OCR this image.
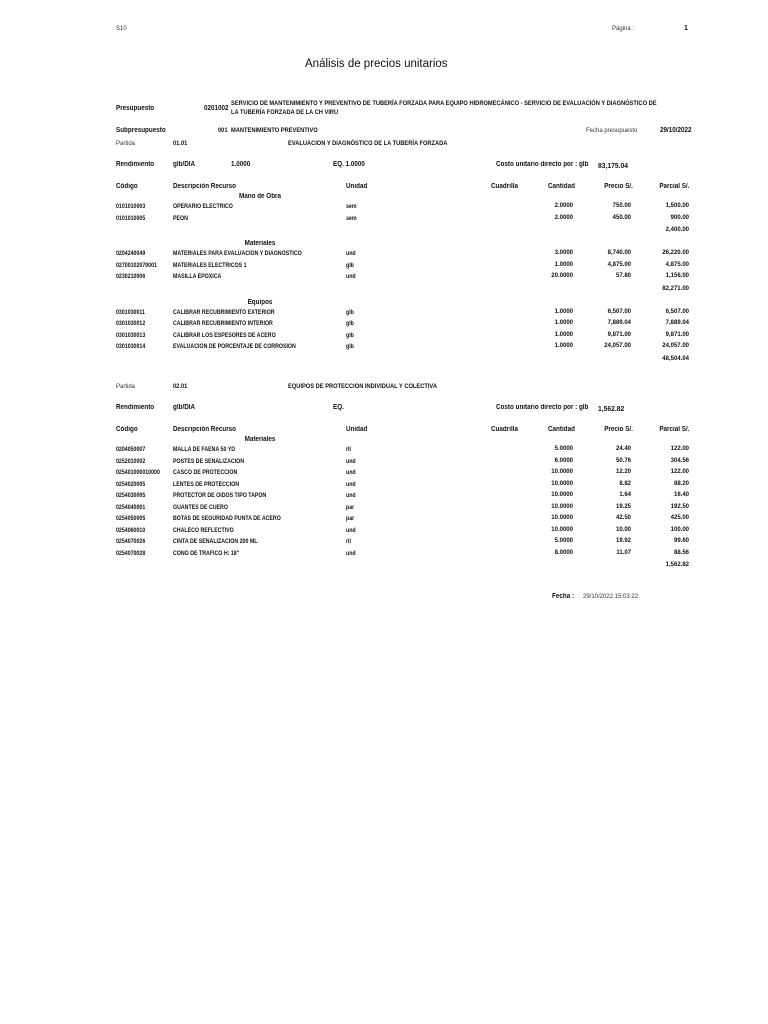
S10	Página :	1
Análisis de precios unitarios
Presupuesto	0201002
SERVICIO DE MANTENIMIENTO Y PREVENTIVO DE TUBERÍA FORZADA PARA EQUIPO HIDROMECÁNICO - SERVICIO DE EVALUACIÓN Y DIAGNÓSTICO DE
LA TUBERÍA FORZADA DE LA CH VIRU
Subpresupuesto	001 MANTENIMIENTO PREVENTIVO	Fecha presupuesto	29/10/2022
Partida	01.01	EVALUACION Y DIAGNÓSTICO DE LA TUBERÍA FORZADA
Rendimiento	glb/DIA	1.0000	EQ. 1.0000	Costo unitario directo por : glb 83,175.04
Código	Descripción Recurso	Unidad	Cuadrilla	Cantidad	Precio S/.	Parcial S/.
Mano de Obra
0101010003	OPERARIO ELECTRICO	sem	2.0000	750.00	1,500.00
0101010005	PEON	sem	2.0000	450.00	900.00
2,400.00
Materiales
0204240049	MATERIALES PARA EVALUACION Y DIAGNOSTICO	und	3.0000	8,740.00	26,220.00
02700102070001	MATERIALES ELECTRICOS 1	glb	1.0000	4,875.00	4,875.00
0230210006	MASILLA EPOXICA	und	20.0000	57.80	1,156.00
82,271.00
Equipos
0301030011	CALIBRAR RECUBRIMIENTO EXTERIOR	glb	1.0000	6,507.00	6,507.00
0301030012	CALIBRAR RECUBRIMIENTO INTERIOR	glb	1.0000	7,889.04	7,889.04
0301030013	CALIBRAR LOS ESPESORES DE ACERO	glb	1.0000	9,871.00	9,871.00
0301030014	EVALUACION DE PORCENTAJE DE CORROSION	glb	1.0000	24,057.00	24,057.00
48,504.04
Partida	02.01	EQUIPOS DE PROTECCION INDIVIDUAL Y COLECTIVA
Rendimiento	glb/DIA	EQ.	Costo unitario directo por : glb 1,562.82
Código	Descripción Recurso	Unidad	Cuadrilla	Cantidad	Precio S/.	Parcial S/.
Materiales
0204050007	MALLA DE FAENA 50 YD	rll	5.0000	24.40	122.00
0252010002	POSTES DE SEÑALIZACION	und	6.0000	50.76	304.56
025401000010000 CASCO DE PROTECCION	und	10.0000	12.20	122.00
0254020005	LENTES DE PROTECCION	und	10.0000	8.82	88.20
0254030005	PROTECTOR DE OIDOS TIPO TAPON	und	10.0000	1.64	16.40
0254040001	GUANTES DE CUERO	par	10.0000	19.25	192.50
0254050005	BOTAS DE SEGURIDAD PUNTA DE ACERO	par	10.0000	42.50	425.00
0254060010	CHALECO REFLECTIVO	und	10.0000	10.00	100.00
0254070026	CINTA DE SEÑALIZACION 200 ML	rll	5.0000	19.92	99.60
0254070028	CONO DE TRAFICO H: 18"	und	8.0000	11.07	88.56
1,562.82
Fecha : 29/10/2022 15:03:22
